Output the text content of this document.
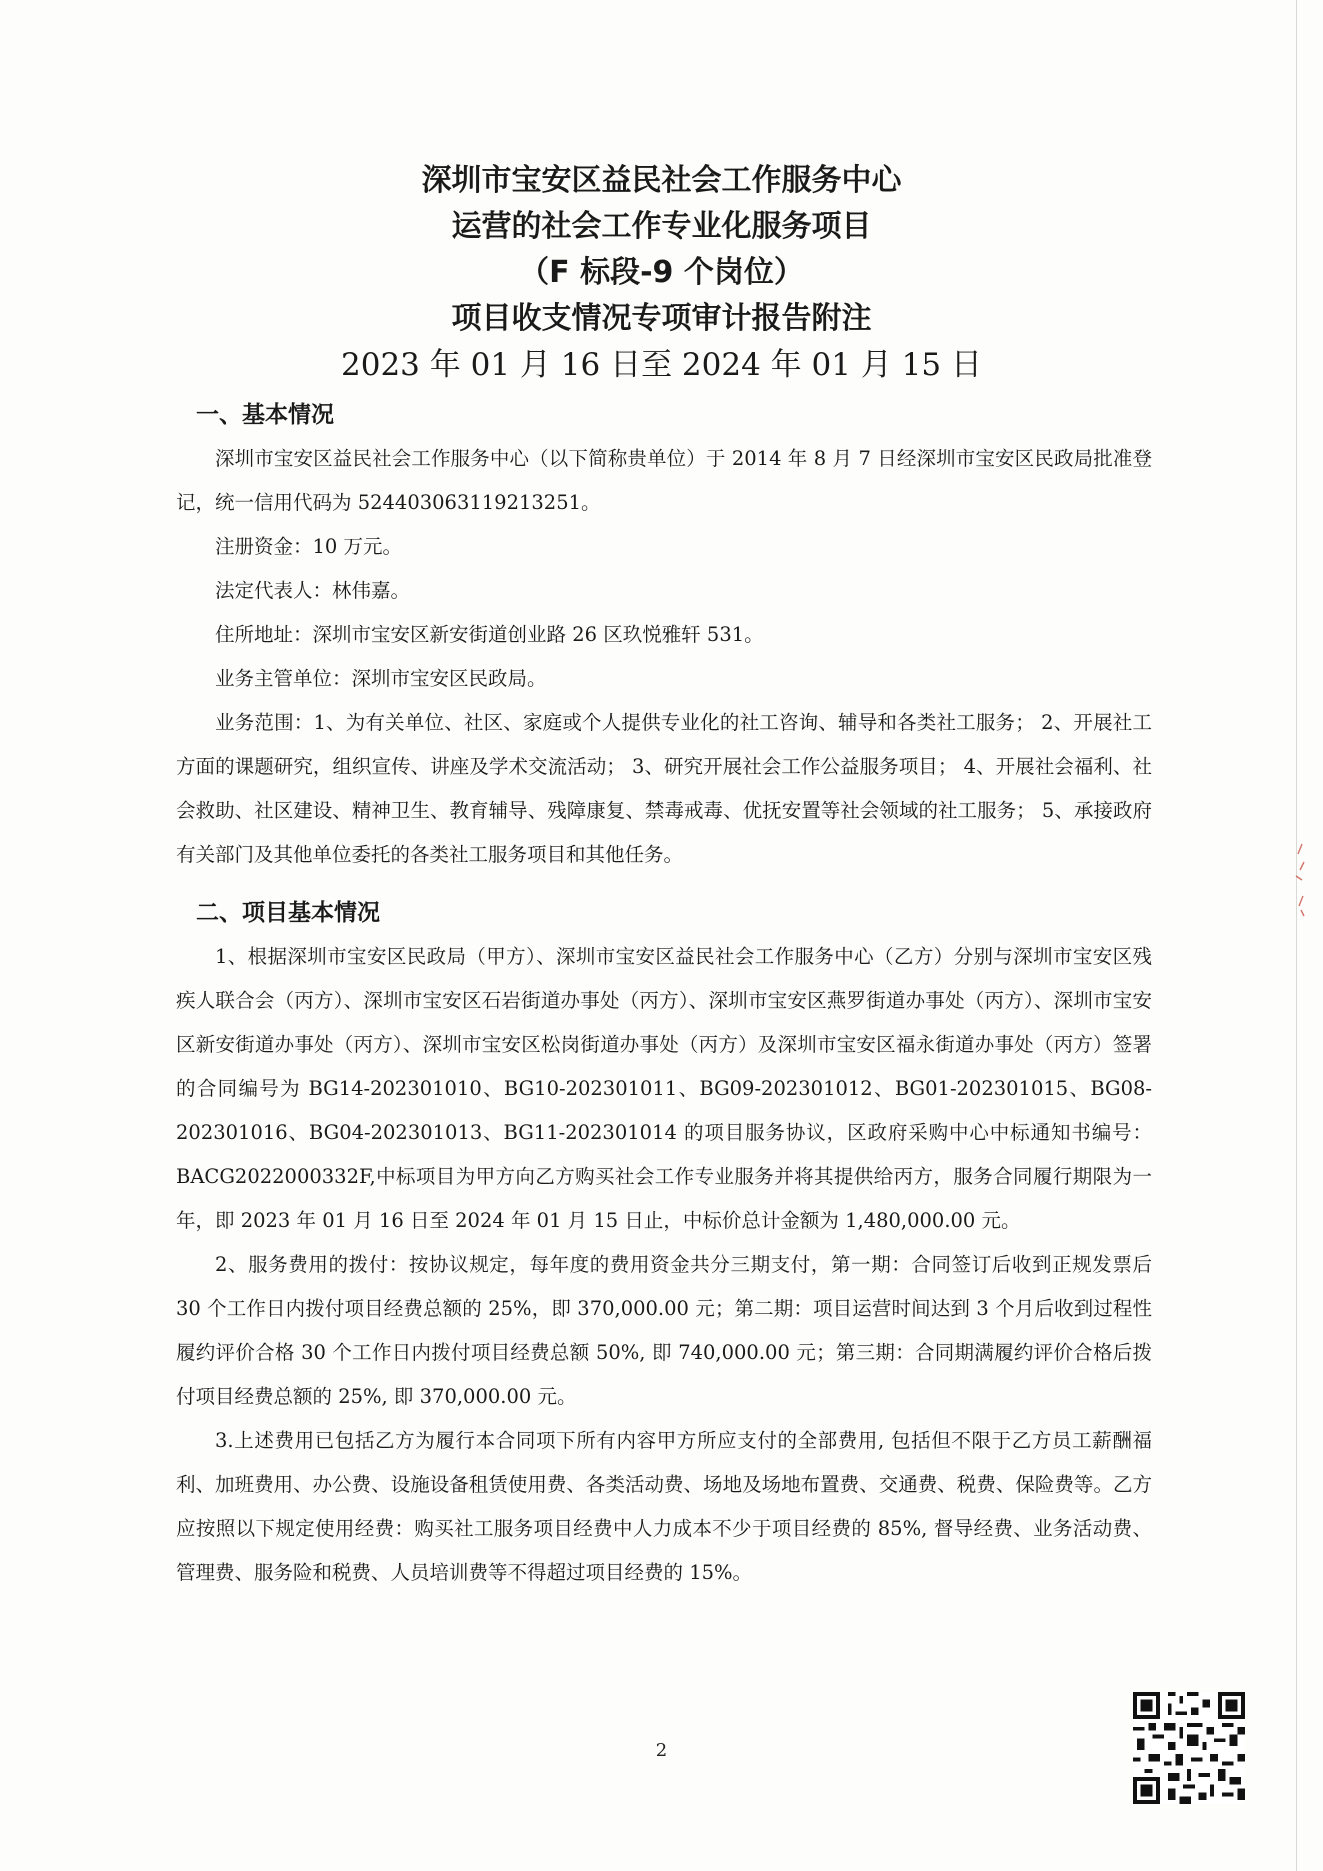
深圳市宝安区益民社会工作服务中心
运营的社会工作专业化服务项目
（F 标段-9 个岗位）
项目收支情况专项审计报告附注
2023 年 01 月 16 日至 2024 年 01 月 15 日

一、基本情况

深圳市宝安区益民社会工作服务中心（以下简称贵单位）于 2014 年 8 月 7 日经深圳市宝安区民政局批准登记，统一信用代码为 524403063119213251。

注册资金：10 万元。

法定代表人：林伟嘉。

住所地址：深圳市宝安区新安街道创业路 26 区玖悦雅轩 531。

业务主管单位：深圳市宝安区民政局。

业务范围：1、为有关单位、社区、家庭或个人提供专业化的社工咨询、辅导和各类社工服务； 2、开展社工方面的课题研究，组织宣传、讲座及学术交流活动； 3、研究开展社会工作公益服务项目； 4、开展社会福利、社会救助、社区建设、精神卫生、教育辅导、残障康复、禁毒戒毒、优抚安置等社会领域的社工服务； 5、承接政府有关部门及其他单位委托的各类社工服务项目和其他任务。

二、项目基本情况

1、根据深圳市宝安区民政局（甲方）、深圳市宝安区益民社会工作服务中心（乙方）分别与深圳市宝安区残疾人联合会（丙方）、深圳市宝安区石岩街道办事处（丙方）、深圳市宝安区燕罗街道办事处（丙方）、深圳市宝安区新安街道办事处（丙方）、深圳市宝安区松岗街道办事处（丙方）及深圳市宝安区福永街道办事处（丙方）签署的合同编号为 BG14-202301010、BG10-202301011、BG09-202301012、BG01-202301015、BG08-202301016、BG04-202301013、BG11-202301014 的项目服务协议，区政府采购中心中标通知书编号：BACG2022000332F,中标项目为甲方向乙方购买社会工作专业服务并将其提供给丙方，服务合同履行期限为一年，即 2023 年 01 月 16 日至 2024 年 01 月 15 日止，中标价总计金额为 1,480,000.00 元。

2、服务费用的拨付：按协议规定，每年度的费用资金共分三期支付，第一期：合同签订后收到正规发票后 30 个工作日内拨付项目经费总额的 25%，即 370,000.00 元；第二期：项目运营时间达到 3 个月后收到过程性履约评价合格 30 个工作日内拨付项目经费总额 50%, 即 740,000.00 元；第三期：合同期满履约评价合格后拨付项目经费总额的 25%, 即 370,000.00 元。

3.上述费用已包括乙方为履行本合同项下所有内容甲方所应支付的全部费用, 包括但不限于乙方员工薪酬福利、加班费用、办公费、设施设备租赁使用费、各类活动费、场地及场地布置费、交通费、税费、保险费等。乙方应按照以下规定使用经费：购买社工服务项目经费中人力成本不少于项目经费的 85%, 督导经费、业务活动费、管理费、服务险和税费、人员培训费等不得超过项目经费的 15%。

2
